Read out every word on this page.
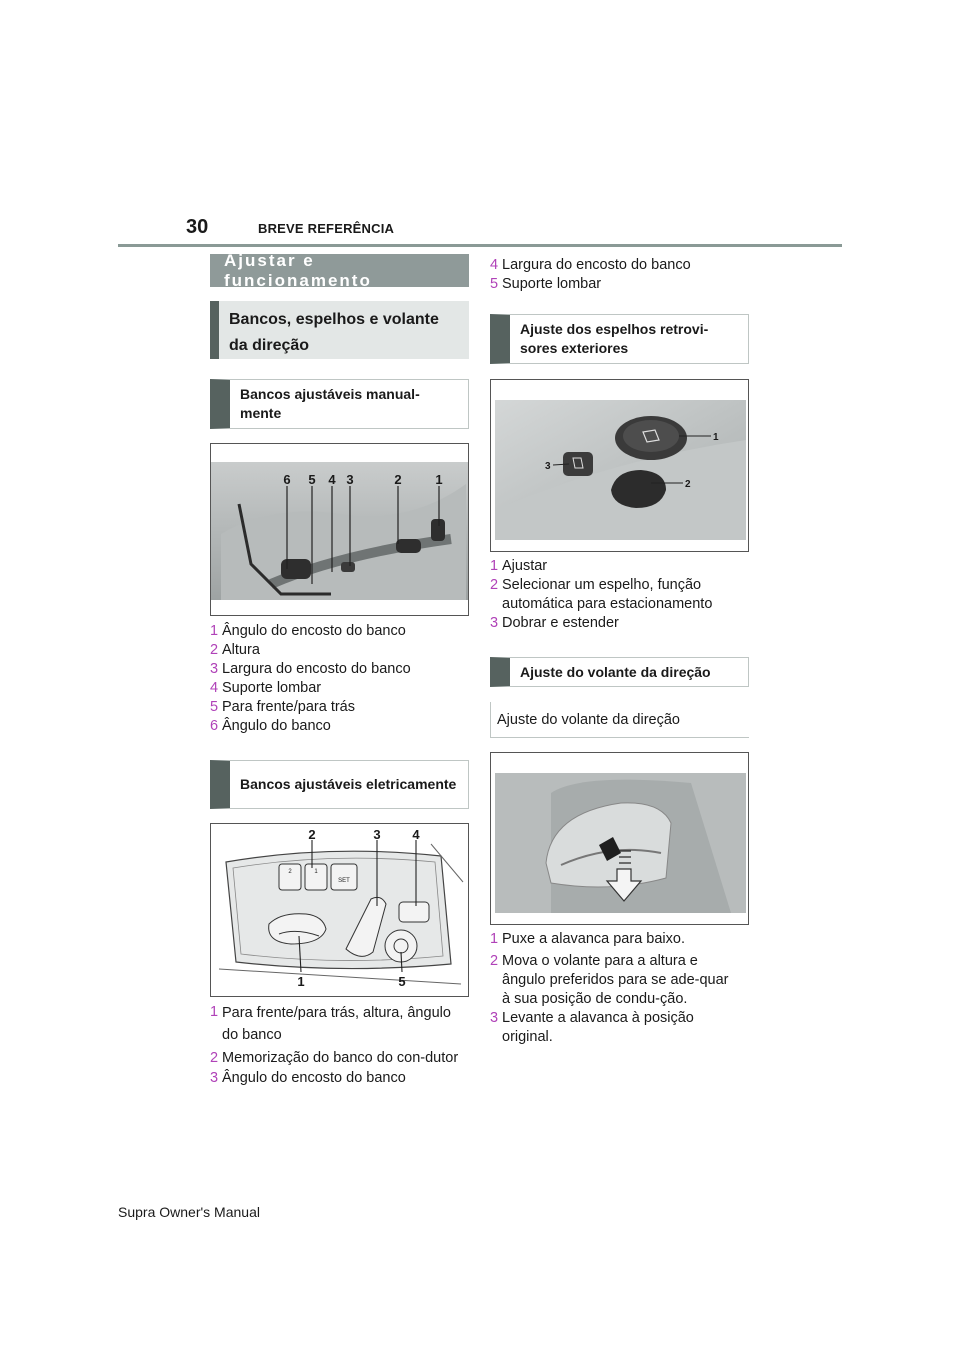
30	BREVE REFERÊNCIA
Ajustar e funcionamento
Bancos, espelhos e volante da direção
Bancos ajustáveis manual-mente
6 5 4 3	2	1
1 Ângulo do encosto do banco
2 Altura
3 Largura do encosto do banco
4 Suporte lombar
5 Para frente/para trás
6 Ângulo do banco
Bancos ajustáveis eletricamente
2	1
SET
2	3 4
1	5
1 Para frente/para trás, altura, ângulo do banco
2 Memorização do banco do con-dutor
3 Ângulo do encosto do banco
4 Largura do encosto do banco
5 Suporte lombar
Ajuste dos espelhos retrovi-sores exteriores
1
3
2
1 Ajustar
2 Selecionar um espelho, função automática para estacionamento
3 Dobrar e estender
Ajuste do volante da direção
Ajuste do volante da direção
1 Puxe a alavanca para baixo.
2 Mova o volante para a altura e ângulo preferidos para se ade-quar à sua posição de condu-ção.
3 Levante a alavanca à posição original.
Supra Owner's Manual
